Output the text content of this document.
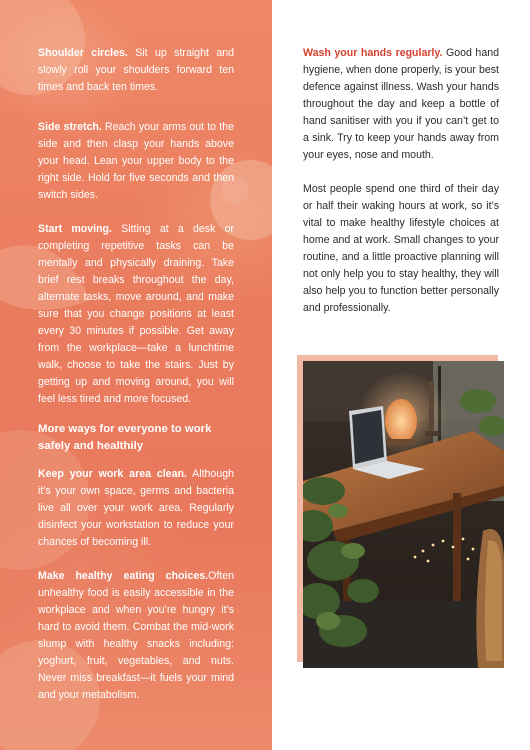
Shoulder circles. Sit up straight and slowly roll your shoulders forward ten times and back ten times.

Side stretch. Reach your arms out to the side and then clasp your hands above your head. Lean your upper body to the right side. Hold for five seconds and then switch sides.

Start moving. Sitting at a desk or completing repetitive tasks can be mentally and physically draining. Take brief rest breaks throughout the day, alternate tasks, move around, and make sure that you change positions at least every 30 minutes if possible. Get away from the workplace—take a lunchtime walk, choose to take the stairs. Just by getting up and moving around, you will feel less tired and more focused.

More ways for everyone to work safely and healthily

Keep your work area clean. Although it’s your own space, germs and bacteria live all over your work area. Regularly disinfect your workstation to reduce your chances of becoming ill.

Make healthy eating choices.Often unhealthy food is easily accessible in the workplace and when you’re hungry it’s hard to avoid them. Combat the mid-work slump with healthy snacks including: yoghurt, fruit, vegetables, and nuts. Never miss breakfast—it fuels your mind and your metabolism.

Wash your hands regularly. Good hand hygiene, when done properly, is your best defence against illness. Wash your hands throughout the day and keep a bottle of hand sanitiser with you if you can’t get to a sink. Try to keep your hands away from your eyes, nose and mouth.

Most people spend one third of their day or half their waking hours at work, so it’s vital to make healthy lifestyle choices at home and at work. Small changes to your routine, and a little proactive planning will not only help you to stay healthy, they will also help you to function better personally and professionally.
